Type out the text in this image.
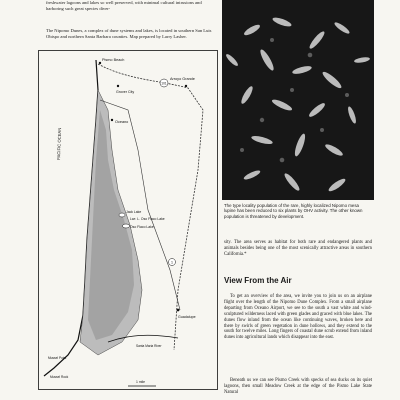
freshwater lagoons and lakes so well preserved, with minimal cultural intrusions and harboring such great species diver-
The Nipomo Dunes, a complex of dune systems and lakes, is located in southern San Luis Obispo and northern Santa Barbara counties. Map prepared by Larry Lasher.
101
1
Pismo Beach
Arroyo Grande
Grover City
Oceano
PACIFIC OCEAN
Jack Lake
Lwr. L. Oso Flaco Lake
Oso Flaco Lake
Guadalupe
Santa Maria River
Mussel Point
Mussel Rock
1 mile
The type locality population of the rare, highly localized Nipomo mesa lupine has been reduced to six plants by OHV activity. The other known population is threatened by development.
sity. The area serves as habitat for both rare and endangered plants and animals besides being one of the most scenically attractive areas in southern California.*
View From the Air
To get an overview of the area, we invite you to join us on an airplane flight over the length of the Nipomo Dune Complex. From a small airplane departing from Oceano Airport, we see to the south a vast white and wind-sculptured wilderness laced with green glades and graced with blue lakes. The dunes flow inland from the ocean like continuing waves, broken here and there by swirls of green vegetation in dune hollows, and they extend to the south for twelve miles. Long fingers of coastal dune scrub extend from inland dunes into agricultural lands which disappear into the east.
Beneath us we can see Pismo Creek with specks of sea ducks on its quiet lagoons, then small Meadow Creek at the edge of the Pismo Lake State Natural
